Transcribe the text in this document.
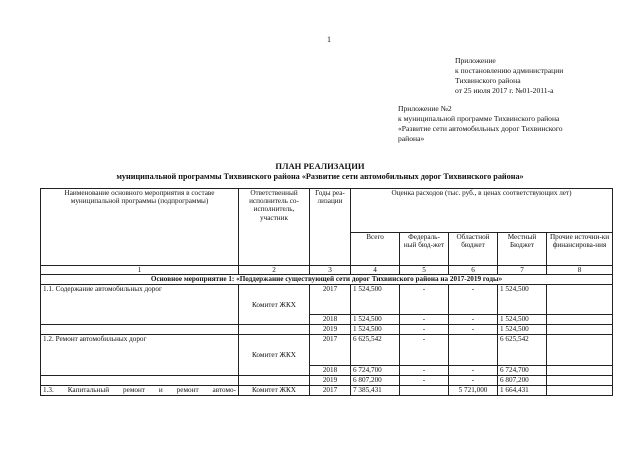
1
Приложение
к постановлению администрации
Тихвинского района
от 25 июля 2017 г. №01-2011-а
Приложение №2
к муниципальной программе Тихвинского района
«Развитие сети автомобильных дорог Тихвинского
района»
ПЛАН РЕАЛИЗАЦИИ
муниципальной программы Тихвинского района «Развитие сети автомобильных дорог Тихвинского района»
Наименование основного мероприятия в составе муниципальной программы (подпрограммы)	Ответственный исполнитель со-исполнитель, участник	Годы реа-лизации	Оценка расходов (тыс. руб., в ценах соответствующих лет)				
			Всего	Федераль-ный бюд-жет	Областной бюджет	Местный Бюджет	Прочие источни-ки финансирова-ния
1	2	3	4	5	6	7	8
Основное мероприятие 1: «Поддержание существующей сети дорог Тихвинского района на 2017-2019 годы»							
1.1. Содержание автомобильных дорог	Комитет ЖКХ	2017	1 524,500	-	-	1 524,500	
		2018	1 524,500	-	-	1 524,500	
		2019	1 524,500	-	-	1 524,500	
1.2. Ремонт автомобильных дорог	Комитет ЖКХ	2017	6 625,542	-		6 625,542	
		2018	6 724,700	-	-	6 724,700	
		2019	6 807,200	-	-	6 807,200	
1.3. Капитальный ремонт и ремонт автомо-	Комитет ЖКХ	2017	7 385,431		5 721,000	1 664,431	
